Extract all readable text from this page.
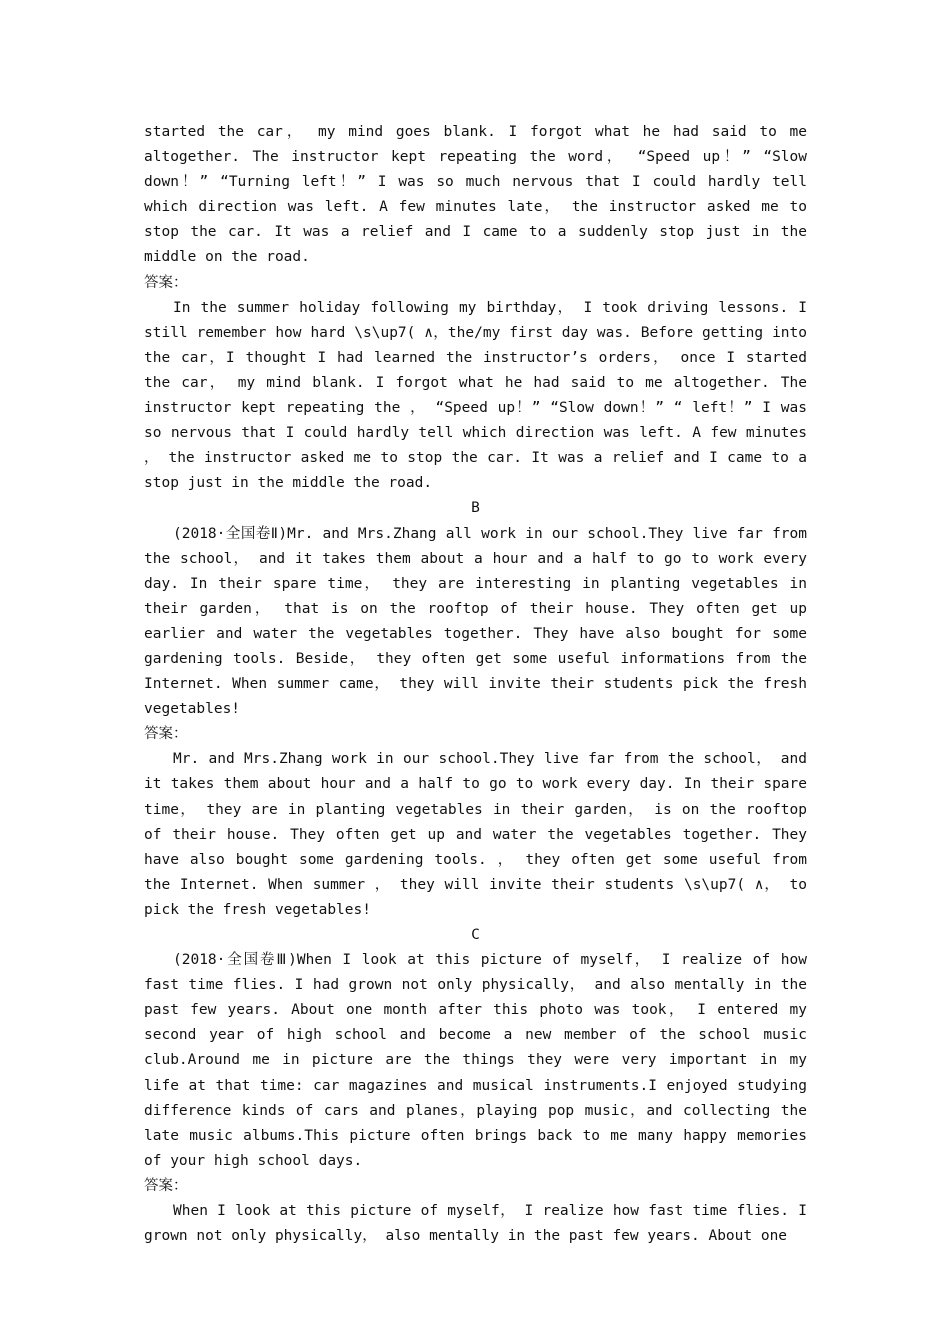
started the car， my mind goes blank. I forgot what he had said to me altogether. The instructor kept repeating the word， “Speed up！” “Slow down！” “Turning left！” I was so much nervous that I could hardly tell which direction was left. A few minutes late， the instructor asked me to stop the car. It was a relief and I came to a suddenly stop just in the middle on the road.

答案：

In the summer holiday following my birthday， I took driving lessons. I still remember how hard \s\up7( ∧，the/my first day was. Before getting into the car，I thought I had learned the instructor’s orders， once I started the car， my mind blank. I forgot what he had said to me altogether. The instructor kept repeating the ， “Speed up！” “Slow down！” “ left！” I was so nervous that I could hardly tell which direction was left. A few minutes ， the instructor asked me to stop the car. It was a relief and I came to a stop just in the middle the road.

B

(2018·全国卷Ⅱ)Mr. and Mrs.Zhang all work in our school.They live far from the school， and it takes them about a hour and a half to go to work every day. In their spare time， they are interesting in planting vegetables in their garden， that is on the rooftop of their house. They often get up earlier and water the vegetables together. They have also bought for some gardening tools. Beside， they often get some useful informations from the Internet. When summer came， they will invite their students pick the fresh vegetables!

答案：

Mr. and Mrs.Zhang work in our school.They live far from the school， and it takes them about hour and a half to go to work every day. In their spare time， they are in planting vegetables in their garden， is on the rooftop of their house. They often get up and water the vegetables together. They have also bought some gardening tools. ， they often get some useful from the Internet. When summer ， they will invite their students \s\up7( ∧， to pick the fresh vegetables!

C

(2018·全国卷Ⅲ)When I look at this picture of myself， I realize of how fast time flies. I had grown not only physically， and also mentally in the past few years. About one month after this photo was took， I entered my second year of high school and become a new member of the school music club.Around me in picture are the things they were very important in my life at that time: car magazines and musical instruments.I enjoyed studying difference kinds of cars and planes，playing pop music，and collecting the late music albums.This picture often brings back to me many happy memories of your high school days.

答案：

When I look at this picture of myself， I realize how fast time flies. I grown not only physically， also mentally in the past few years. About one
